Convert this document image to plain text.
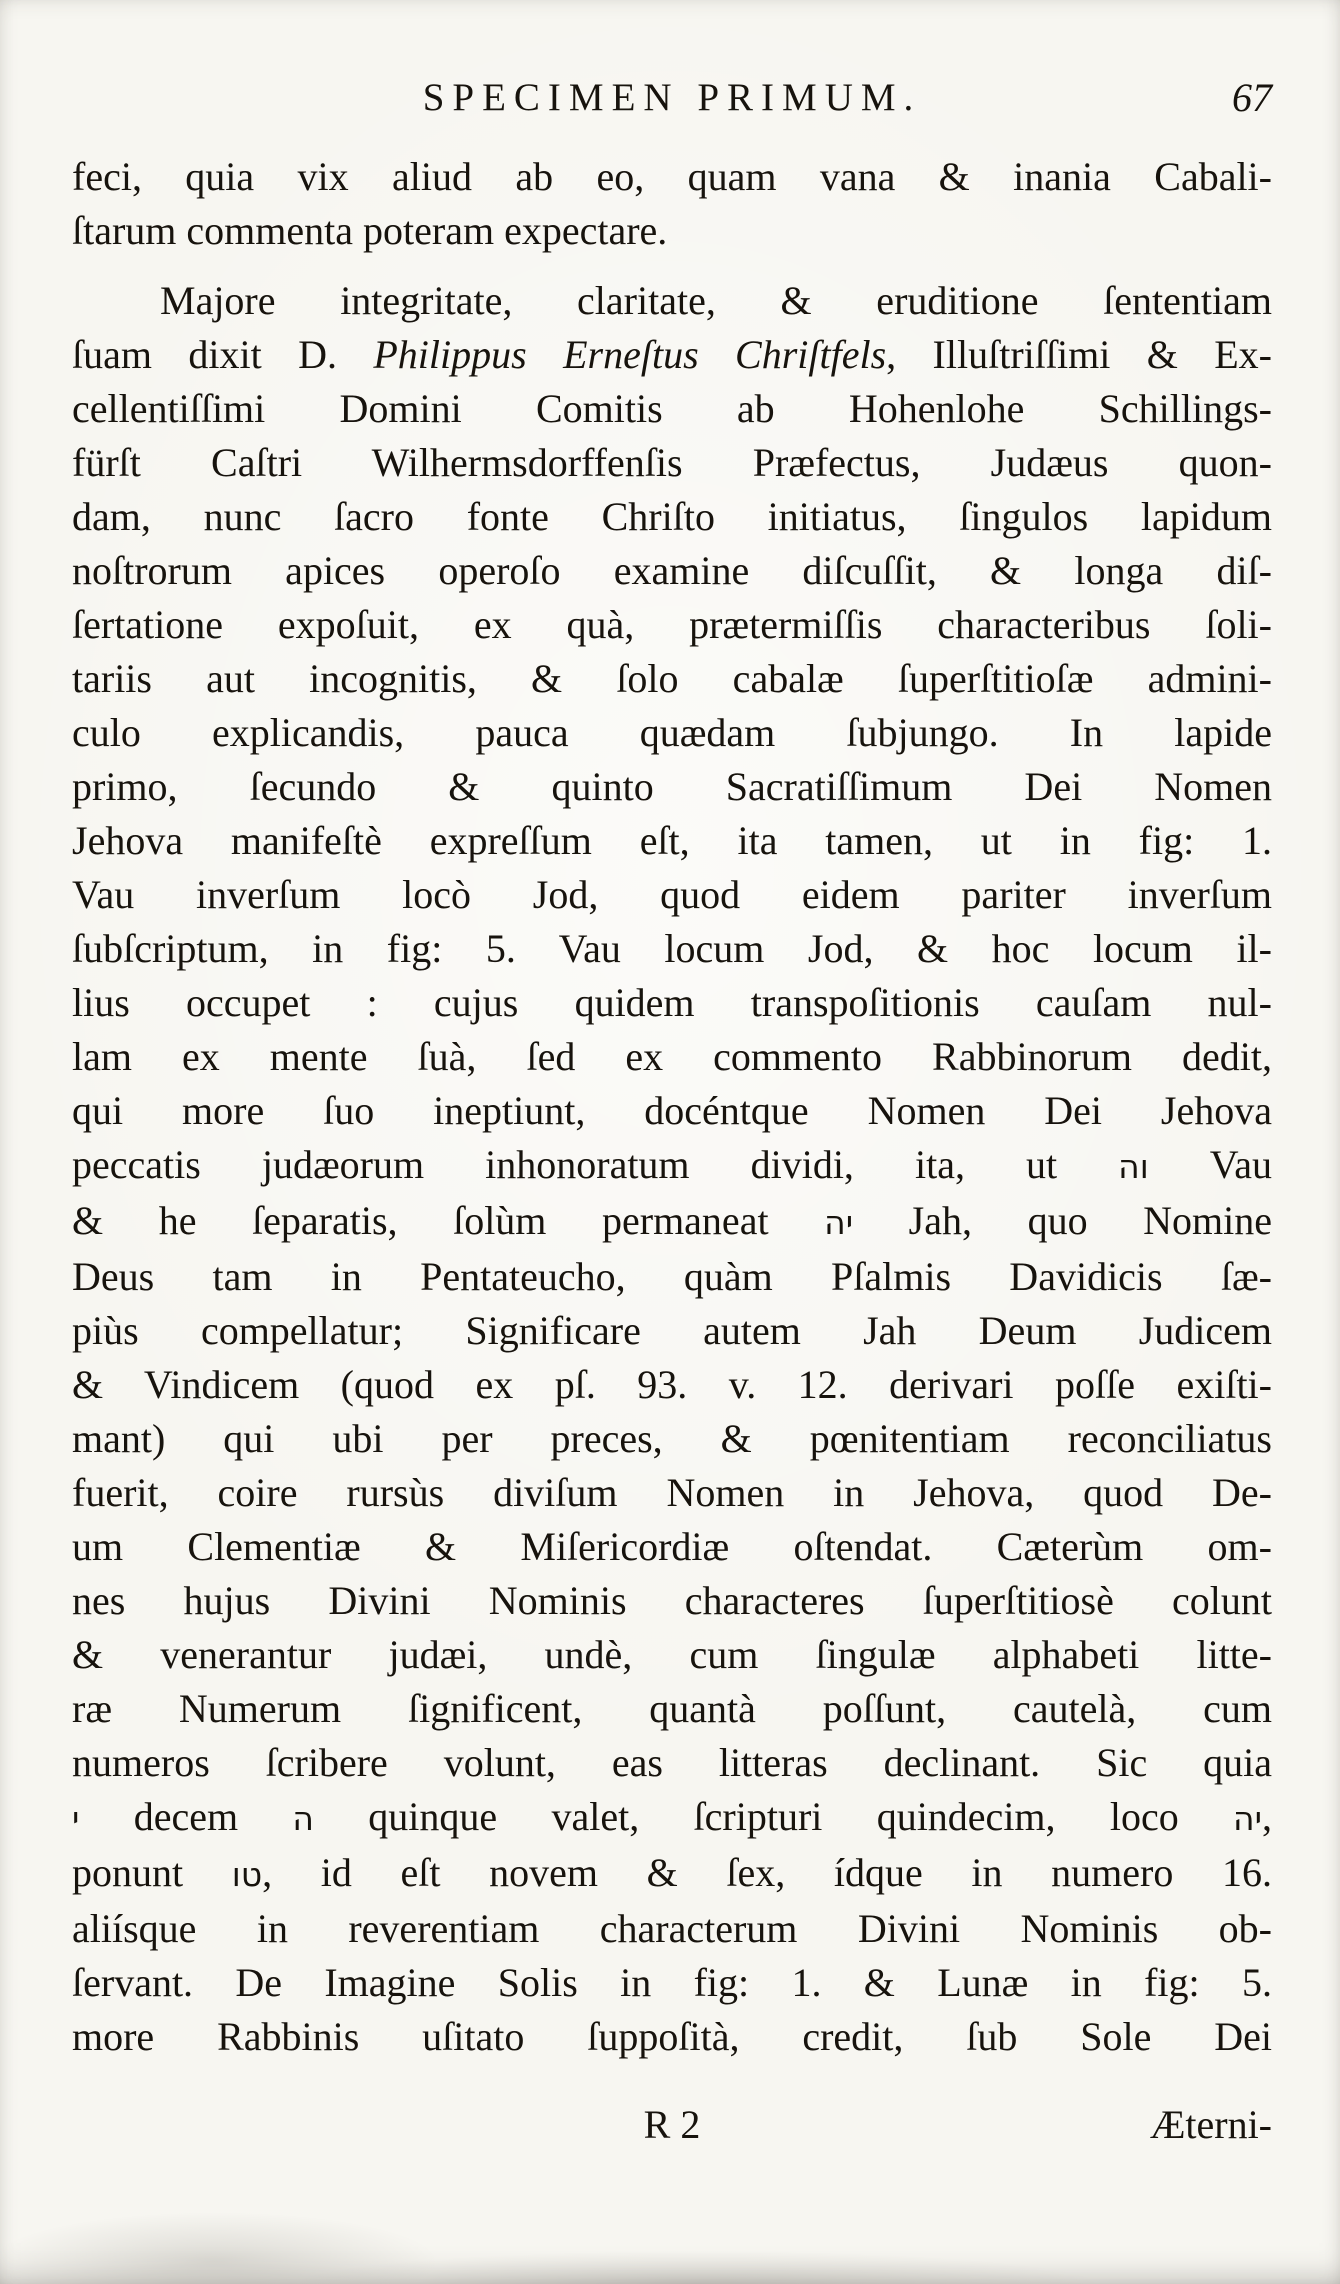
SPECIMEN PRIMUM.	67
feci, quia vix aliud ab eo, quam vana & inania Cabali-
ſtarum commenta poteram expectare.
Majore integritate, claritate, & eruditione ſententiam
ſuam dixit D. Philippus Erneſtus Chriſtfels, Illuſtriſſimi & Ex-
cellentiſſimi Domini Comitis ab Hohenlohe Schillings-
fürſt Caſtri Wilhermsdorffenſis Præfectus, Judæus quon-
dam, nunc ſacro fonte Chriſto initiatus, ſingulos lapidum
noſtrorum apices operoſo examine diſcuſſit, & longa diſ-
ſertatione expoſuit, ex quà, prætermiſſis characteribus ſoli-
tariis aut incognitis, & ſolo cabalæ ſuperſtitioſæ admini-
culo explicandis, pauca quædam ſubjungo. In lapide
primo, ſecundo & quinto Sacratiſſimum Dei Nomen
Jehova manifeſtè expreſſum eſt, ita tamen, ut in fig: 1.
Vau inverſum locò Jod, quod eidem pariter inverſum
ſubſcriptum, in fig: 5. Vau locum Jod, & hoc locum il-
lius occupet : cujus quidem transpoſitionis cauſam nul-
lam ex mente ſuà, ſed ex commento Rabbinorum dedit,
qui more ſuo ineptiunt, docéntque Nomen Dei Jehova
peccatis judæorum inhonoratum dividi, ita, ut וה Vau
& he ſeparatis, ſolùm permaneat יה Jah, quo Nomine
Deus tam in Pentateucho, quàm Pſalmis Davidicis ſæ-
piùs compellatur; Significare autem Jah Deum Judicem
& Vindicem (quod ex pſ. 93. v. 12. derivari poſſe exiſti-
mant) qui ubi per preces, & pœnitentiam reconciliatus
fuerit, coire rursùs diviſum Nomen in Jehova, quod De-
um Clementiæ & Miſericordiæ oſtendat. Cæterùm om-
nes hujus Divini Nominis characteres ſuperſtitiosè colunt
& venerantur judæi, undè, cum ſingulæ alphabeti litte-
ræ Numerum ſignificent, quantà poſſunt, cautelà, cum
numeros ſcribere volunt, eas litteras declinant. Sic quia
י decem ה quinque valet, ſcripturi quindecim, loco יה,
ponunt טו, id eſt novem & ſex, ídque in numero 16.
aliísque in reverentiam characterum Divini Nominis ob-
ſervant. De Imagine Solis in fig: 1. & Lunæ in fig: 5.
more Rabbinis uſitato ſuppoſità, credit, ſub Sole Dei
R 2	Æterni-
